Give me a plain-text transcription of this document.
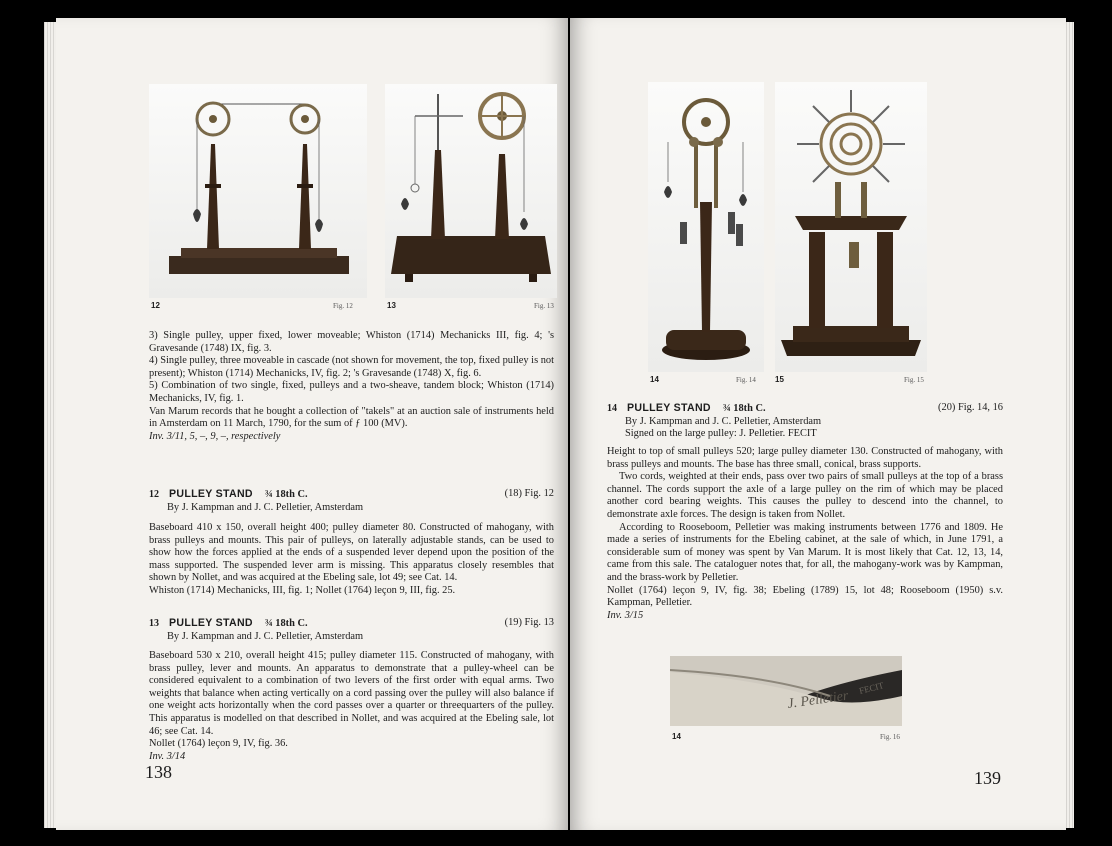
12	Fig. 12	13	Fig. 13

3) Single pulley, upper fixed, lower moveable; Whiston (1714) Mechanicks III, fig. 4; 's Gravesande (1748) IX, fig. 3.

4) Single pulley, three moveable in cascade (not shown for movement, the top, fixed pulley is not present); Whiston (1714) Mechanicks, IV, fig. 2; 's Gravesande (1748) X, fig. 6.

5) Combination of two single, fixed, pulleys and a two-sheave, tandem block; Whiston (1714) Mechanicks, IV, fig. 1.

Van Marum records that he bought a collection of "takels" at an auction sale of instruments held in Amsterdam on 11 March, 1790, for the sum of ƒ 100 (MV).

Inv. 3/11, 5, –, 9, –, respectively

12 PULLEY STAND ¾ 18th C.	(18) Fig. 12
By J. Kampman and J. C. Pelletier, Amsterdam

Baseboard 410 x 150, overall height 400; pulley diameter 80. Constructed of mahogany, with brass pulleys and mounts. This pair of pulleys, on laterally adjustable stands, can be used to show how the forces applied at the ends of a suspended lever depend upon the position of the mass supported. The suspended lever arm is missing. This apparatus closely resembles that shown by Nollet, and was acquired at the Ebeling sale, lot 49; see Cat. 14.

Whiston (1714) Mechanicks, III, fig. 1; Nollet (1764) leçon 9, III, fig. 25.

13 PULLEY STAND ¾ 18th C.	(19) Fig. 13
By J. Kampman and J. C. Pelletier, Amsterdam

Baseboard 530 x 210, overall height 415; pulley diameter 115. Constructed of mahogany, with brass pulley, lever and mounts. An apparatus to demonstrate that a pulley-wheel can be considered equivalent to a combination of two levers of the first order with equal arms. Two weights that balance when acting vertically on a cord passing over the pulley will also balance if one weight acts horizontally when the cord passes over a quarter or threequarters of the pulley. This apparatus is modelled on that described in Nollet, and was acquired at the Ebeling sale, lot 46; see Cat. 14.

Nollet (1764) leçon 9, IV, fig. 36.

Inv. 3/14

138
14	Fig. 14 15	Fig. 15
14 PULLEY STAND ¾ 18th C.	(20) Fig. 14, 16
By J. Kampman and J. C. Pelletier, Amsterdam
Signed on the large pulley: J. Pelletier. FECIT

Height to top of small pulleys 520; large pulley diameter 130. Constructed of mahogany, with brass pulleys and mounts. The base has three small, conical, brass supports.

Two cords, weighted at their ends, pass over two pairs of small pulleys at the top of a brass channel. The cords support the axle of a large pulley on the rim of which may be placed another cord bearing weights. This causes the pulley to descend into the channel, to demonstrate axle forces. The design is taken from Nollet.

According to Rooseboom, Pelletier was making instruments between 1776 and 1809. He made a series of instruments for the Ebeling cabinet, at the sale of which, in June 1791, a considerable sum of money was spent by Van Marum. It is most likely that Cat. 12, 13, 14, came from this sale. The cataloguer notes that, for all, the mahogany-work was by Kampman, and the brass-work by Pelletier.

Nollet (1764) leçon 9, IV, fig. 38; Ebeling (1789) 15, lot 48; Rooseboom (1950) s.v. Kampman, Pelletier.

Inv. 3/15

J. Pelletier
FECIT
14	Fig. 16
139
